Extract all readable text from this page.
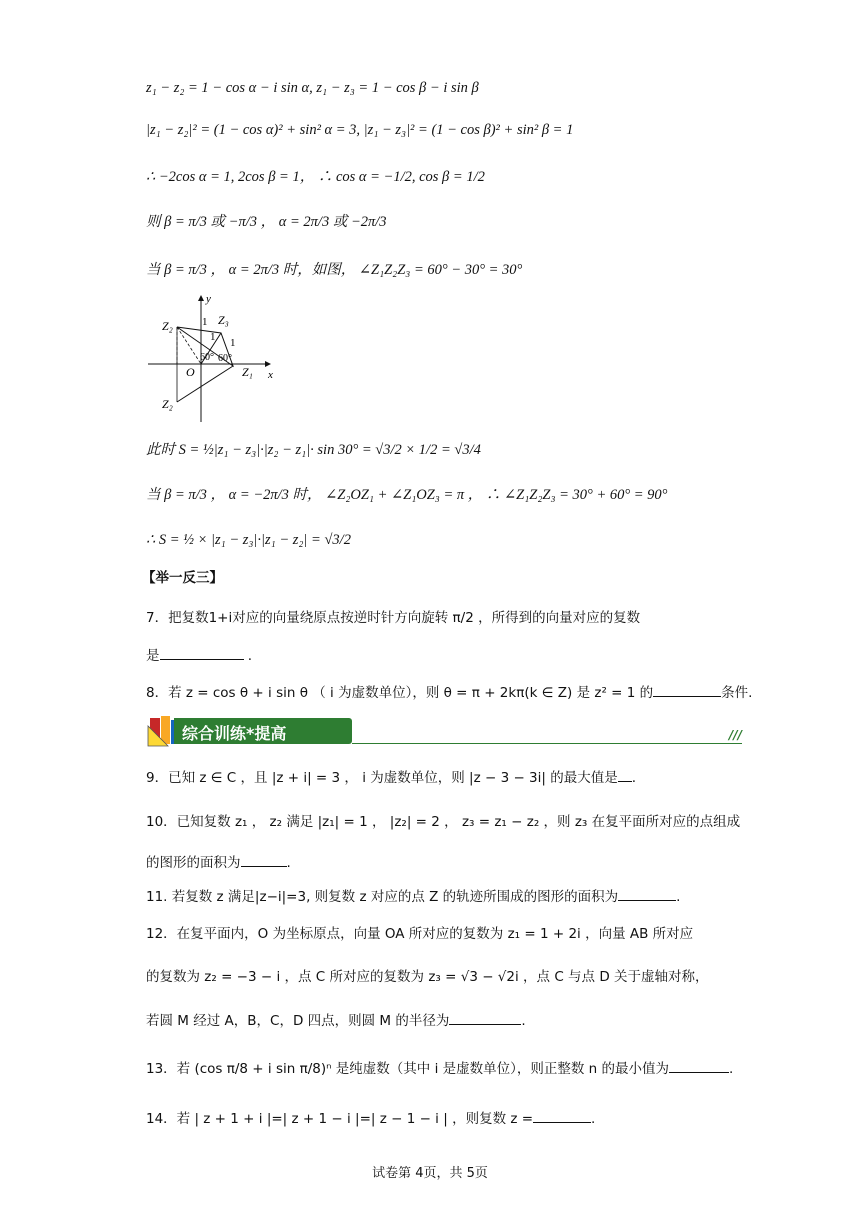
z₁ − z₂ = 1 − cos α − i sin α, z₁ − z₃ = 1 − cos β − i sin β
|z₁ − z₂|² = (1 − cos α)² + sin² α = 3, |z₁ − z₃|² = (1 − cos β)² + sin² β = 1
∴ −2cos α = 1, 2cos β = 1， ∴ cos α = −1/2, cos β = 1/2
则 β = π/3 或 −π/3 ， α = 2π/3 或 −2π/3
当 β = π/3 ， α = 2π/3 时，如图， ∠Z₁Z₂Z₃ = 60° − 30° = 30°
y
x
O	Z₁
Z₂	Z₃
Z₂
1
1 1
60° 60°
此时 S = ½|z₁ − z₃|·|z₂ − z₁|· sin 30° = √3/2 × 1/2 = √3/4
当 β = π/3 ， α = −2π/3 时， ∠Z₂OZ₁ + ∠Z₁OZ₃ = π ， ∴ ∠Z₁Z₂Z₃ = 30° + 60° = 90°
∴ S = ½ × |z₁ − z₃|·|z₁ − z₂| = √3/2
【举一反三】
7．把复数1+i对应的向量绕原点按逆时针方向旋转 π/2 ，所得到的向量对应的复数
是	.
8．若 z = cos θ + i sin θ （ i 为虚数单位），则 θ = π + 2kπ(k ∈ Z) 是 z² = 1 的	条件.
综合训练*提高	///
9．已知 z ∈ C ，且 |z + i| = 3 ， i 为虚数单位，则 |z − 3 − 3i| 的最大值是 .
10．已知复数 z₁ ， z₂ 满足 |z₁| = 1 ， |z₂| = 2 ， z₃ = z₁ − z₂ ，则 z₃ 在复平面所对应的点组成
的图形的面积为	.
11. 若复数 z 满足|z−i|=3, 则复数 z 对应的点 Z 的轨迹所围成的图形的面积为	.
12．在复平面内，O 为坐标原点，向量 OA 所对应的复数为 z₁ = 1 + 2i ，向量 AB 所对应
的复数为 z₂ = −3 − i ，点 C 所对应的复数为 z₃ = √3 − √2i ，点 C 与点 D 关于虚轴对称，
若圆 M 经过 A，B，C，D 四点，则圆 M 的半径为	.
13．若 (cos π/8 + i sin π/8)ⁿ 是纯虚数（其中 i 是虚数单位），则正整数 n 的最小值为	.
14．若 | z + 1 + i |=| z + 1 − i |=| z − 1 − i | ，则复数 z =	.
试卷第 4页，共 5页
